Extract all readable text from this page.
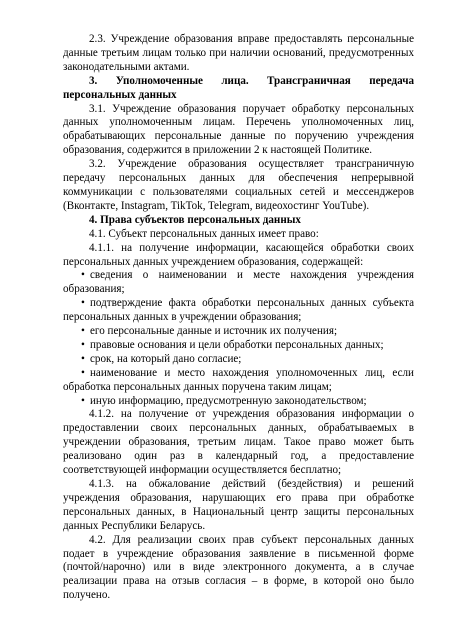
2.3. Учреждение образования вправе предоставлять персональные данные третьим лицам только при наличии оснований, предусмотренных законодательными актами.

3. Уполномоченные лица. Трансграничная передача персональных данных

3.1. Учреждение образования поручает обработку персональных данных уполномоченным лицам. Перечень уполномоченных лиц, обрабатывающих персональные данные по поручению учреждения образования, содержится в приложении 2 к настоящей Политике.

3.2. Учреждение образования осуществляет трансграничную передачу персональных данных для обеспечения непрерывной коммуникации с пользователями социальных сетей и мессенджеров (Вконтакте, Instagram, TikTok, Telegram, видеохостинг YouTube).

4. Права субъектов персональных данных

4.1. Субъект персональных данных имеет право:

4.1.1. на получение информации, касающейся обработки своих персональных данных учреждением образования, содержащей:

• сведения о наименовании и месте нахождения учреждения образования;

• подтверждение факта обработки персональных данных субъекта персональных данных в учреждении образования;

• его персональные данные и источник их получения;

• правовые основания и цели обработки персональных данных;

• срок, на который дано согласие;

• наименование и место нахождения уполномоченных лиц, если обработка персональных данных поручена таким лицам;

• иную информацию, предусмотренную законодательством;

4.1.2. на получение от учреждения образования информации о предоставлении своих персональных данных, обрабатываемых в учреждении образования, третьим лицам. Такое право может быть реализовано один раз в календарный год, а предоставление соответствующей информации осуществляется бесплатно;

4.1.3. на обжалование действий (бездействия) и решений учреждения образования, нарушающих его права при обработке персональных данных, в Национальный центр защиты персональных данных Республики Беларусь.

4.2. Для реализации своих прав субъект персональных данных подает в учреждение образования заявление в письменной форме (почтой/нарочно) или в виде электронного документа, а в случае реализации права на отзыв согласия – в форме, в которой оно было получено.
